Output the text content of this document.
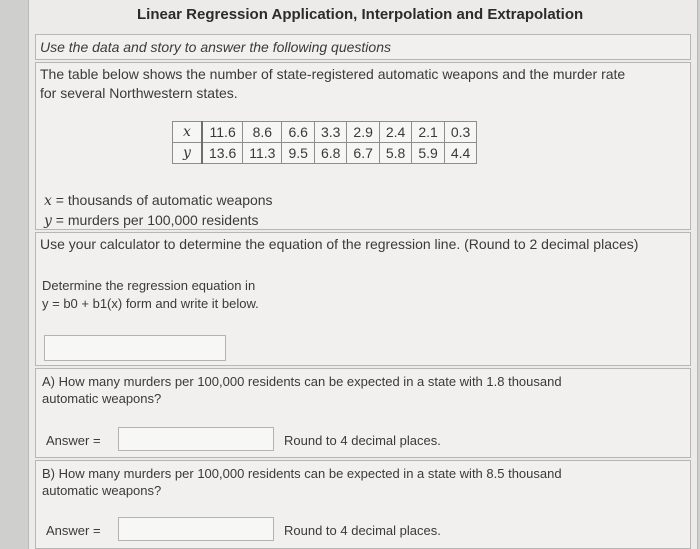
Linear Regression Application, Interpolation and Extrapolation
Use the data and story to answer the following questions

The table below shows the number of state-registered automatic weapons and the murder rate

for several Northwestern states.

x	11.6	8.6	6.6	3.3	2.9	2.4	2.1	0.3
y	13.6	11.3	9.5	6.8	6.7	5.8	5.9	4.4
x = thousands of automatic weapons
y = murders per 100,000 residents
Use your calculator to determine the equation of the regression line. (Round to 2 decimal places)
Determine the regression equation in
y = b0 + b1(x) form and write it below.
A) How many murders per 100,000 residents can be expected in a state with 1.8 thousand
automatic weapons?
Answer =	Round to 4 decimal places.
B) How many murders per 100,000 residents can be expected in a state with 8.5 thousand
automatic weapons?
Answer =	Round to 4 decimal places.
